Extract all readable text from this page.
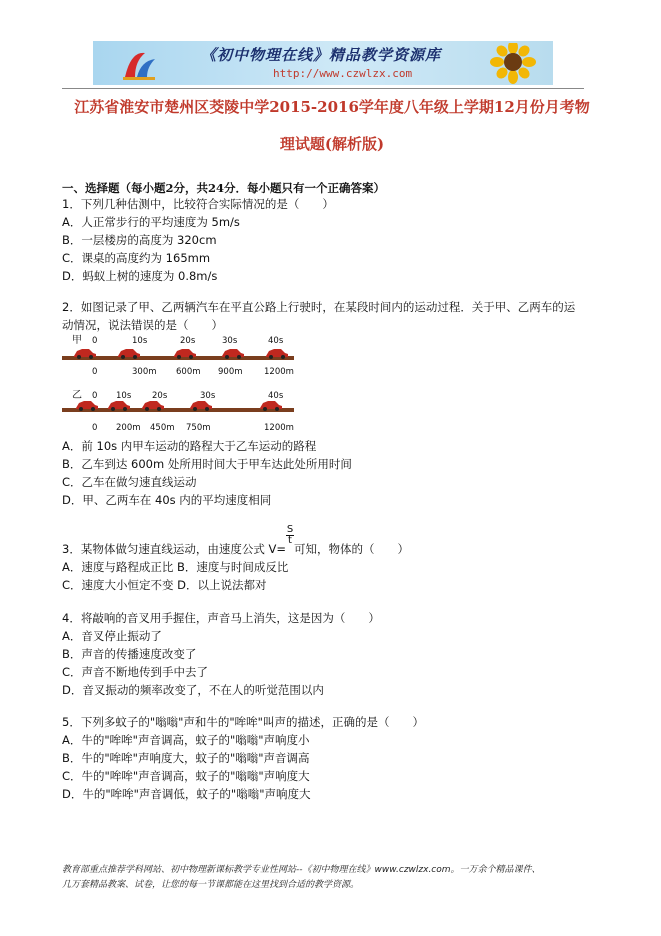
《初中物理在线》精品教学资源库
http://www.czwlzx.com
江苏省淮安市楚州区茭陵中学2015-2016学年度八年级上学期12月份月考物
理试题(解析版)
一、选择题（每小题2分，共24分．每小题只有一个正确答案）
1．下列几种估测中，比较符合实际情况的是（　　）
A．人正常步行的平均速度为 5m/s
B．一层楼房的高度为 320cm
C．课桌的高度约为 165mm
D．蚂蚁上树的速度为 0.8m/s
2．如图记录了甲、乙两辆汽车在平直公路上行驶时，在某段时间内的运动过程．关于甲、乙两车的运
动情况，说法错误的是（　　）
甲 0	10s	20s	30s	40s
0	300m 600m 900m	1200m
乙 0 10s 20s	30s	40s
0 200m 450m 750m	1200m
A．前 10s 内甲车运动的路程大于乙车运动的路程
B．乙车到达 600m 处所用时间大于甲车达此处所用时间
C．乙车在做匀速直线运动
D．甲、乙两车在 40s 内的平均速度相同
S
t
3．某物体做匀速直线运动，由速度公式 V= 可知，物体的（　　）
A．速度与路程成正比 B．速度与时间成反比
C．速度大小恒定不变 D．以上说法都对
4．将敲响的音叉用手握住，声音马上消失，这是因为（　　）
A．音叉停止振动了
B．声音的传播速度改变了
C．声音不断地传到手中去了
D．音叉振动的频率改变了，不在人的听觉范围以内
5．下列多蚊子的"嗡嗡"声和牛的"哞哞"叫声的描述，正确的是（　　）
A．牛的"哞哞"声音调高，蚊子的"嗡嗡"声响度小
B．牛的"哞哞"声响度大，蚊子的"嗡嗡"声音调高
C．牛的"哞哞"声音调高，蚊子的"嗡嗡"声响度大
D．牛的"哞哞"声音调低，蚊子的"嗡嗡"声响度大
教育部重点推荐学科网站、初中物理新课标教学专业性网站--《初中物理在线》www.czwlzx.com。一万余个精品课件、
几万套精品教案、试卷，让您的每一节课都能在这里找到合适的教学资源。
